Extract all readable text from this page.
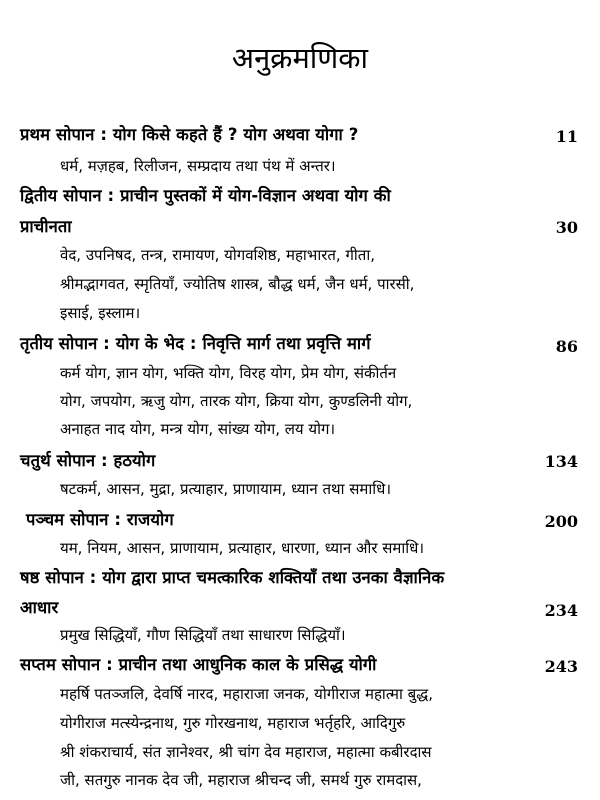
अनुक्रमणिका
प्रथम सोपान : योग किसे कहते हैं ? योग अथवा योगा ?	11
धर्म, मज़हब, रिलीजन, सम्प्रदाय तथा पंथ में अन्तर।
द्वितीय सोपान : प्राचीन पुस्तकों में योग-विज्ञान अथवा योग की
प्राचीनता	30
वेद, उपनिषद, तन्त्र, रामायण, योगवशिष्ठ, महाभारत, गीता,
श्रीमद्भागवत, स्मृतियाँ, ज्योतिष शास्त्र, बौद्ध धर्म, जैन धर्म, पारसी,
इसाई, इस्लाम।
तृतीय सोपान : योग के भेद : निवृत्ति मार्ग तथा प्रवृत्ति मार्ग	86
कर्म योग, ज्ञान योग, भक्ति योग, विरह योग, प्रेम योग, संकीर्तन
योग, जपयोग, ऋजु योग, तारक योग, क्रिया योग, कुण्डलिनी योग,
अनाहत नाद योग, मन्त्र योग, सांख्य योग, लय योग।
चतुर्थ सोपान : हठयोग	134
षटकर्म, आसन, मुद्रा, प्रत्याहार, प्राणायाम, ध्यान तथा समाधि।
पञ्चम सोपान : राजयोग	200
यम, नियम, आसन, प्राणायाम, प्रत्याहार, धारणा, ध्यान और समाधि।
षष्ठ सोपान : योग द्वारा प्राप्त चमत्कारिक शक्तियाँ तथा उनका वैज्ञानिक
आधार	234
प्रमुख सिद्धियाँ, गौण सिद्धियाँ तथा साधारण सिद्धियाँ।
सप्तम सोपान : प्राचीन तथा आधुनिक काल के प्रसिद्ध योगी	243
महर्षि पतञ्जलि, देवर्षि नारद, महाराजा जनक, योगीराज महात्मा बुद्ध,
योगीराज मत्स्येन्द्रनाथ, गुरु गोरखनाथ, महाराज भर्तृहरि, आदिगुरु
श्री शंकराचार्य, संत ज्ञानेश्वर, श्री चांग देव महाराज, महात्मा कबीरदास
जी, सतगुरु नानक देव जी, महाराज श्रीचन्द जी, समर्थ गुरु रामदास,
